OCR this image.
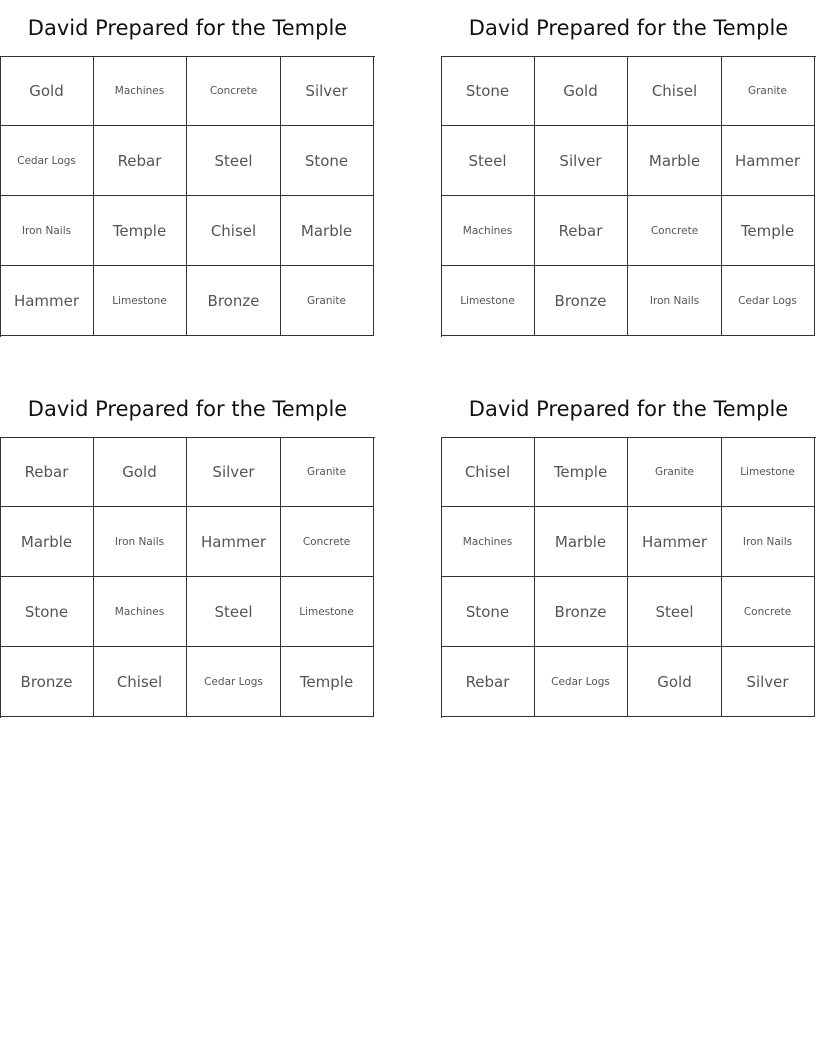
David Prepared for the Temple
Gold	Machines	Concrete	Silver
Cedar Logs	Rebar	Steel	Stone
Iron Nails	Temple	Chisel	Marble
Hammer	Limestone	Bronze	Granite
David Prepared for the Temple
Stone	Gold	Chisel	Granite
Steel	Silver	Marble	Hammer
Machines	Rebar	Concrete	Temple
Limestone	Bronze	Iron Nails	Cedar Logs
David Prepared for the Temple
Rebar	Gold	Silver	Granite
Marble	Iron Nails	Hammer	Concrete
Stone	Machines	Steel	Limestone
Bronze	Chisel	Cedar Logs	Temple
David Prepared for the Temple
Chisel	Temple	Granite	Limestone
Machines	Marble	Hammer	Iron Nails
Stone	Bronze	Steel	Concrete
Rebar	Cedar Logs	Gold	Silver
